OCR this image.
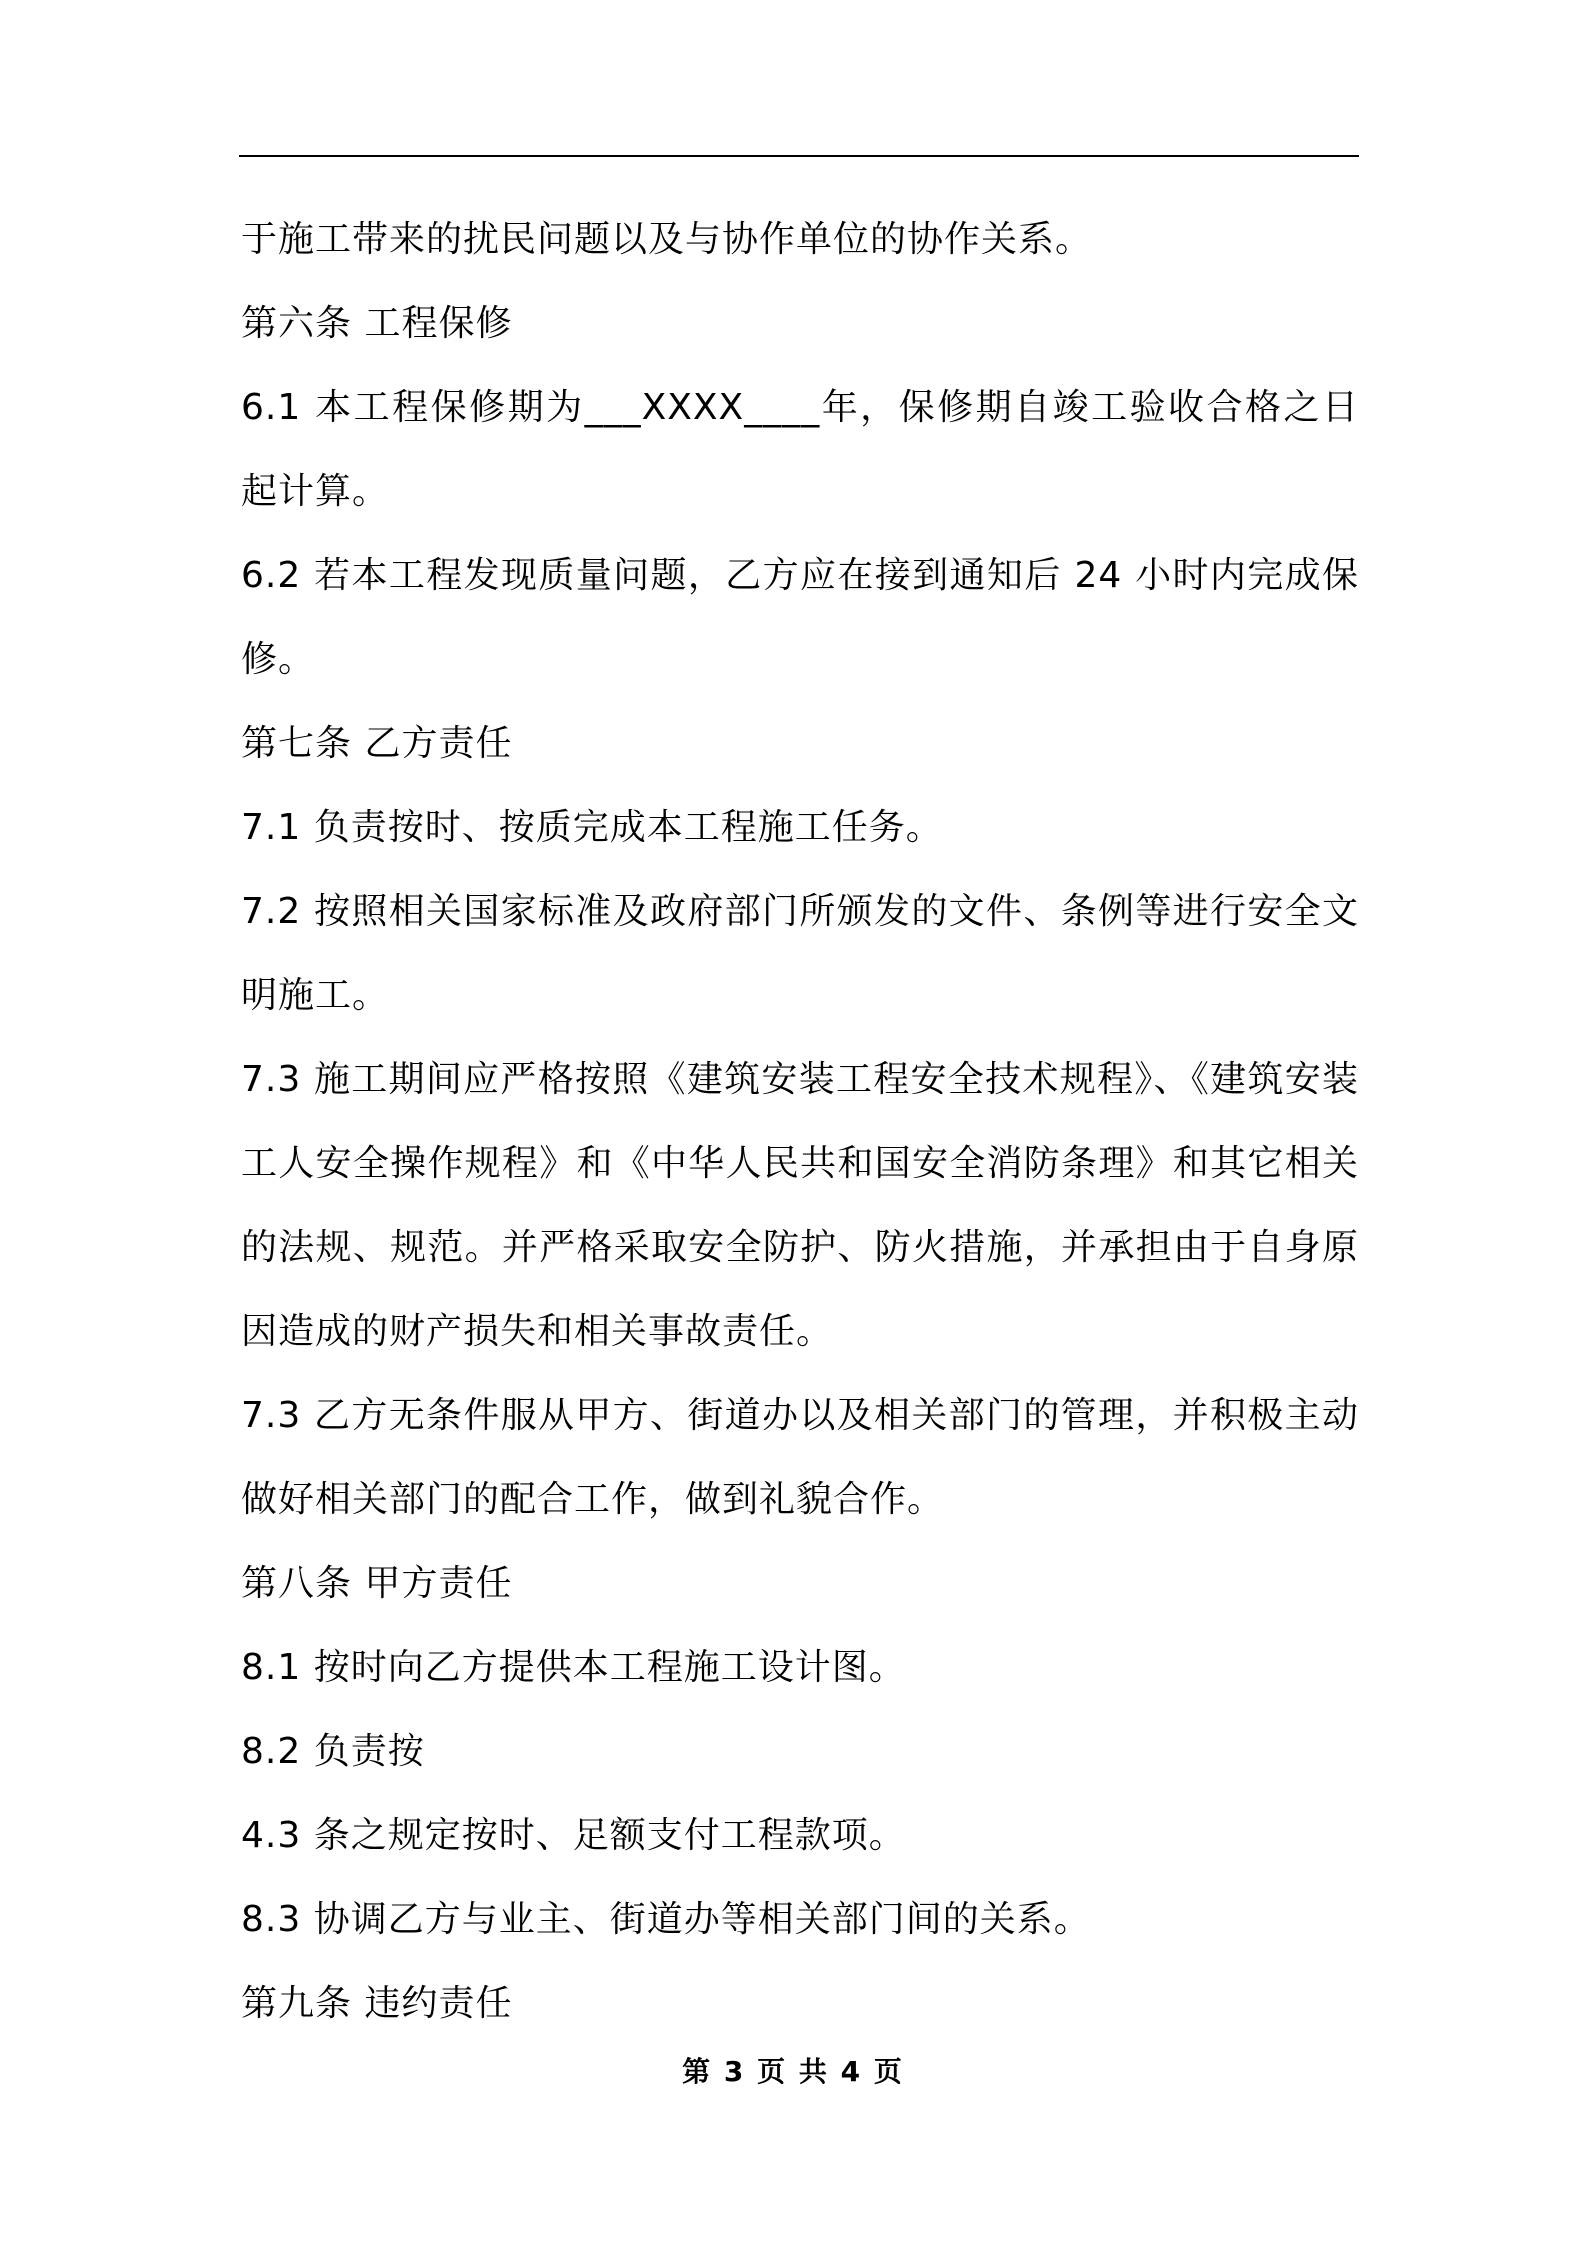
于施工带来的扰民问题以及与协作单位的协作关系。

第六条 工程保修

6.1 本工程保修期为___XXXX____年，保修期自竣工验收合格之日起计算。

6.2 若本工程发现质量问题，乙方应在接到通知后 24 小时内完成保修。

第七条 乙方责任

7.1 负责按时、按质完成本工程施工任务。

7.2 按照相关国家标准及政府部门所颁发的文件、条例等进行安全文明施工。

7.3 施工期间应严格按照《建筑安装工程安全技术规程》、《建筑安装工人安全操作规程》和《中华人民共和国安全消防条理》和其它相关的法规、规范。并严格采取安全防护、防火措施，并承担由于自身原因造成的财产损失和相关事故责任。

7.3 乙方无条件服从甲方、街道办以及相关部门的管理，并积极主动做好相关部门的配合工作，做到礼貌合作。

第八条 甲方责任

8.1 按时向乙方提供本工程施工设计图。

8.2 负责按

4.3 条之规定按时、足额支付工程款项。

8.3 协调乙方与业主、街道办等相关部门间的关系。

第九条 违约责任

第 3 页 共 4 页
